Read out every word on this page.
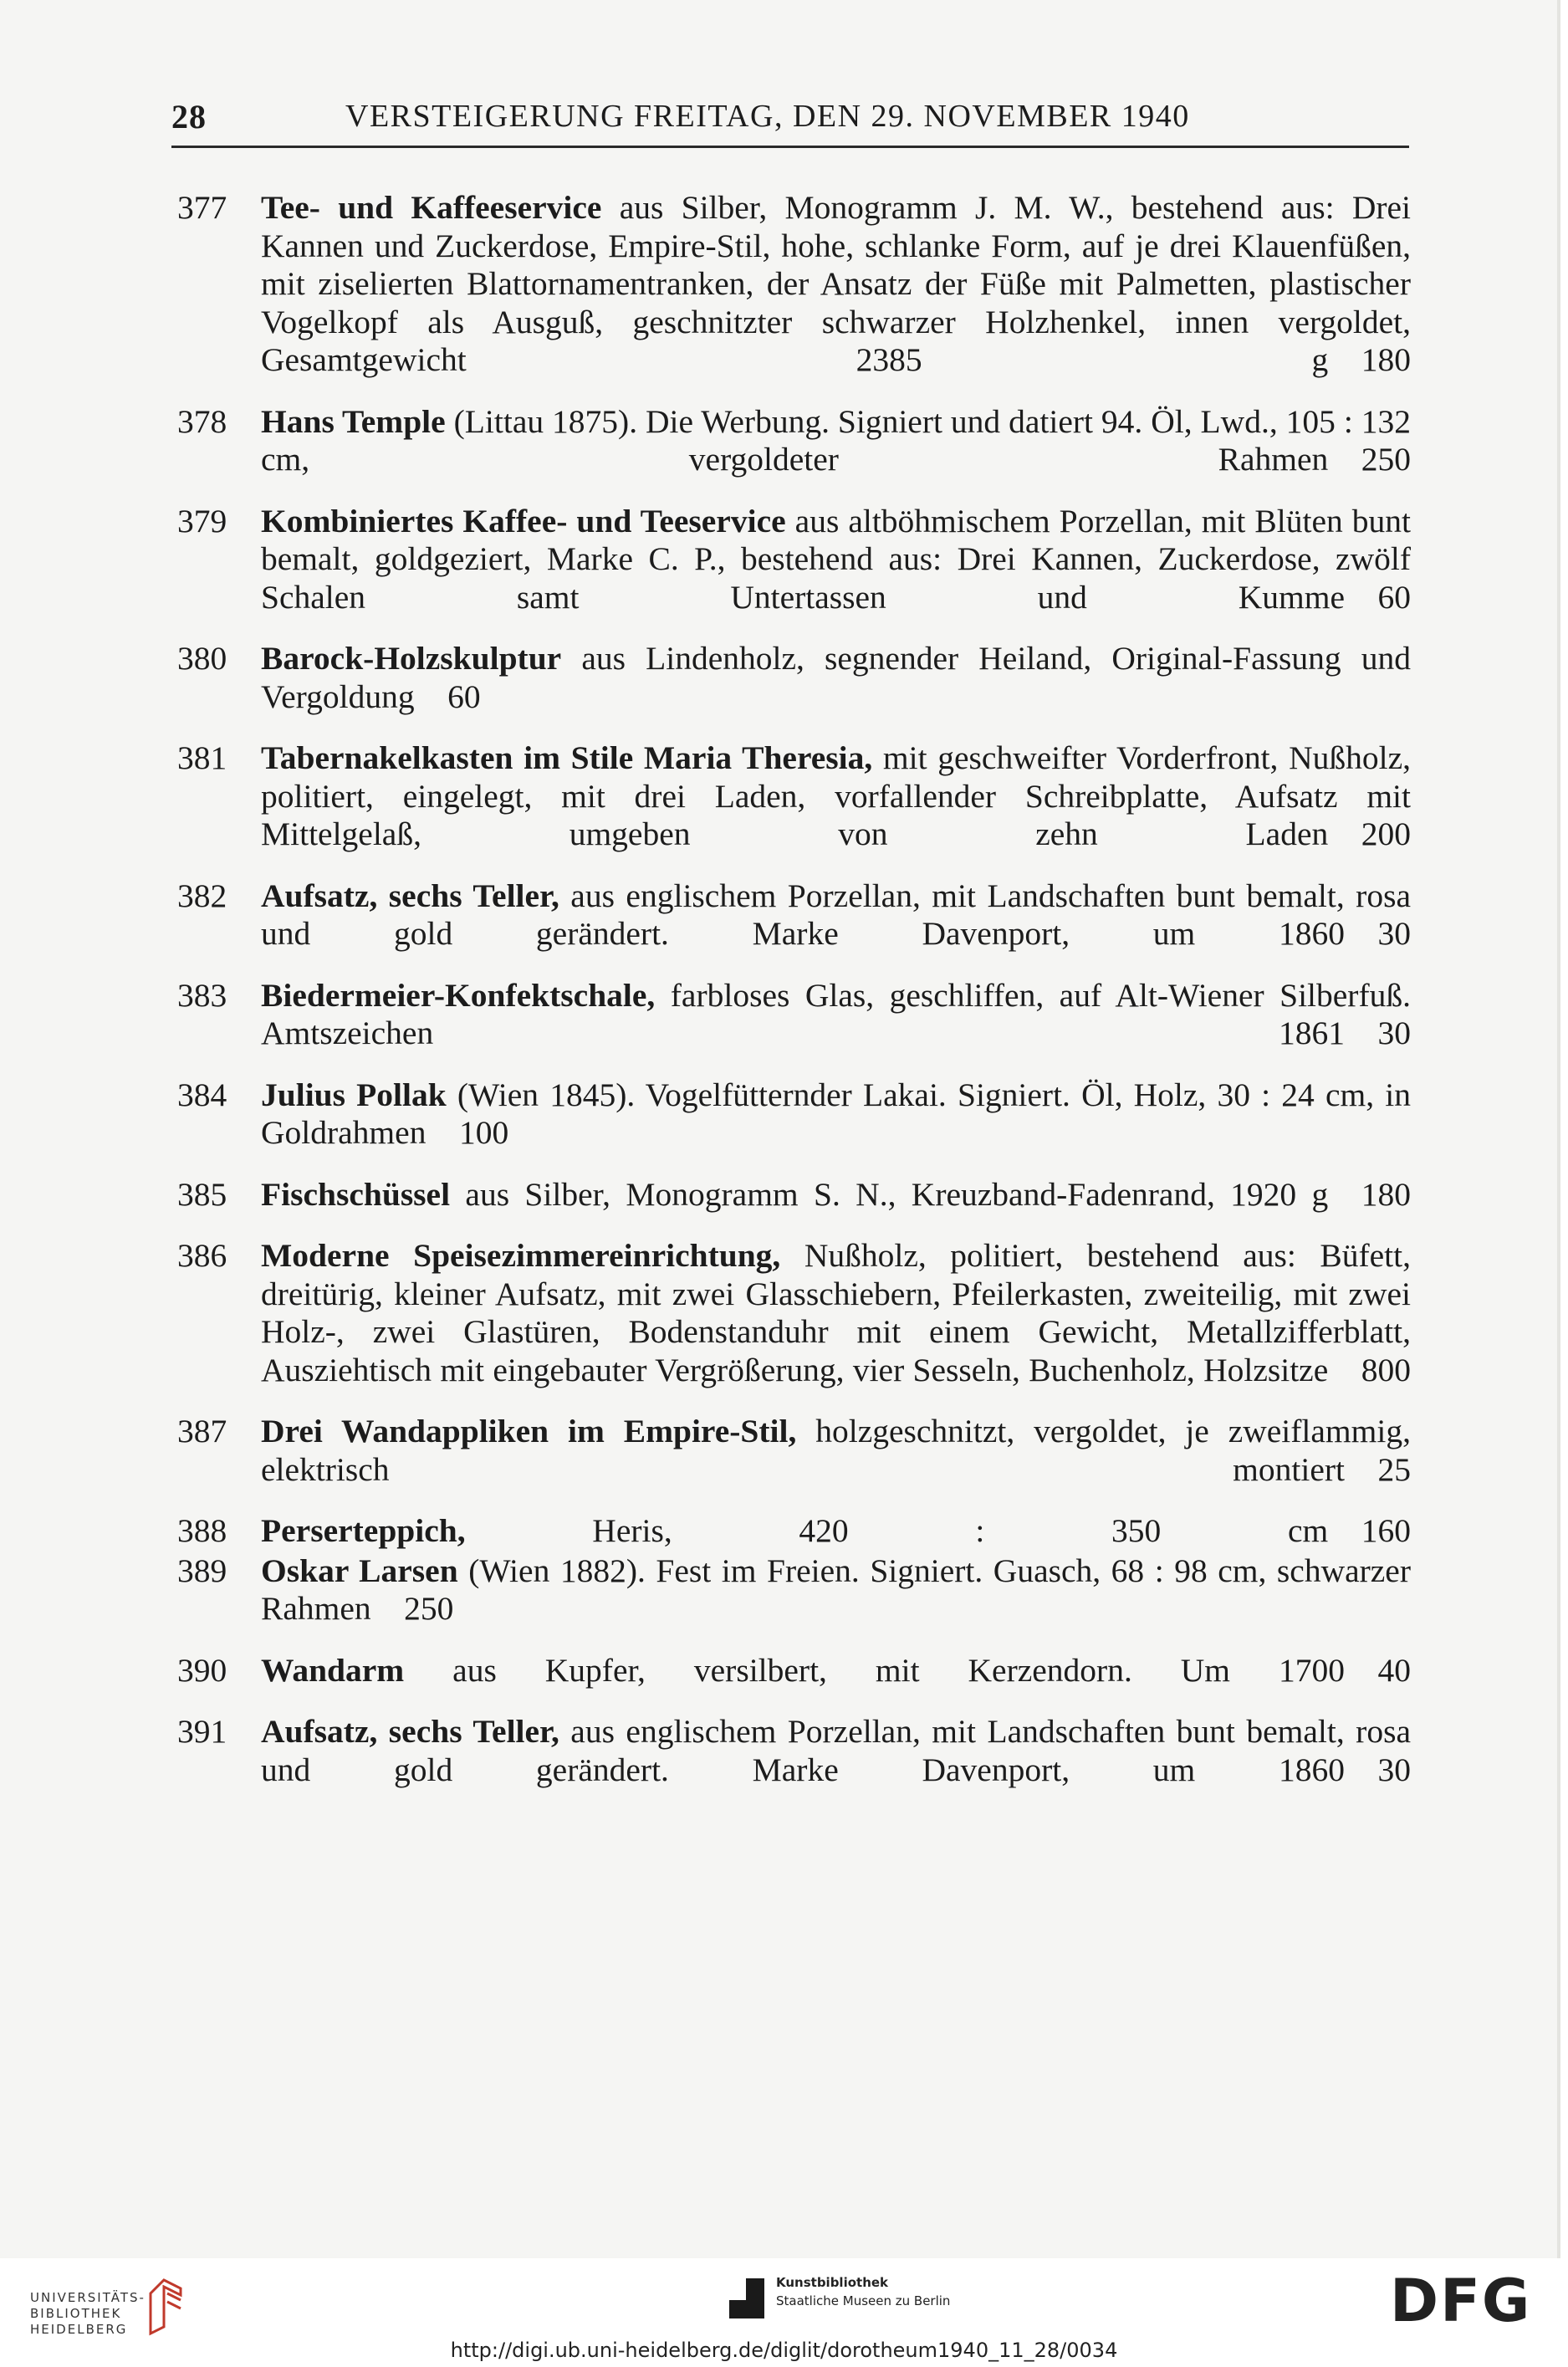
28	VERSTEIGERUNG FREITAG, DEN 29. NOVEMBER 1940
377 Tee- und Kaffeeservice aus Silber, Monogramm J. M. W., bestehend aus: Drei Kannen und Zuckerdose, Empire-Stil, hohe, schlanke Form, auf je drei Klauenfüßen, mit ziselierten Blattornamentranken, der Ansatz der Füße mit Palmetten, plastischer Vogelkopf als Ausguß, geschnitzter schwarzer Holzhenkel, innen vergoldet, Gesamtgewicht 2385 g  180
378 Hans Temple (Littau 1875). Die Werbung. Signiert und datiert 94. Öl, Lwd., 105 : 132 cm, vergoldeter Rahmen  250
379 Kombiniertes Kaffee- und Teeservice aus altböhmischem Porzellan, mit Blüten bunt bemalt, goldgeziert, Marke C. P., bestehend aus: Drei Kannen, Zuckerdose, zwölf Schalen samt Untertassen und Kumme  60
380 Barock-Holzskulptur aus Lindenholz, segnender Heiland, Original-Fassung und Vergoldung  60
381 Tabernakelkasten im Stile Maria Theresia, mit geschweifter Vorderfront, Nußholz, politiert, eingelegt, mit drei Laden, vorfallender Schreibplatte, Aufsatz mit Mittelgelaß, umgeben von zehn Laden  200
382 Aufsatz, sechs Teller, aus englischem Porzellan, mit Landschaften bunt bemalt, rosa und gold gerändert. Marke Davenport, um 1860  30
383 Biedermeier-Konfektschale, farbloses Glas, geschliffen, auf Alt-Wiener Silberfuß. Amtszeichen 1861  30
384 Julius Pollak (Wien 1845). Vogelfütternder Lakai. Signiert. Öl, Holz, 30 : 24 cm, in Goldrahmen  100
385 Fischschüssel aus Silber, Monogramm S. N., Kreuzband-Fadenrand, 1920 g  180
386 Moderne Speisezimmereinrichtung, Nußholz, politiert, bestehend aus: Büfett, dreitürig, kleiner Aufsatz, mit zwei Glasschiebern, Pfeilerkasten, zweiteilig, mit zwei Holz-, zwei Glastüren, Bodenstanduhr mit einem Gewicht, Metallzifferblatt, Ausziehtisch mit eingebauter Vergrößerung, vier Sesseln, Buchenholz, Holzsitze  800
387 Drei Wandappliken im Empire-Stil, holzgeschnitzt, vergoldet, je zweiflammig, elektrisch montiert  25
388 Perserteppich, Heris, 420 : 350 cm  160
389 Oskar Larsen (Wien 1882). Fest im Freien. Signiert. Guasch, 68 : 98 cm, schwarzer Rahmen  250
390 Wandarm aus Kupfer, versilbert, mit Kerzendorn. Um 1700  40
391 Aufsatz, sechs Teller, aus englischem Porzellan, mit Landschaften bunt bemalt, rosa und gold gerändert. Marke Davenport, um 1860  30
UNIVERSITÄTS-
BIBLIOTHEK
HEIDELBERG
Kunstbibliothek
Staatliche Museen zu Berlin	DFG
http://digi.ub.uni-heidelberg.de/diglit/dorotheum1940_11_28/0034
